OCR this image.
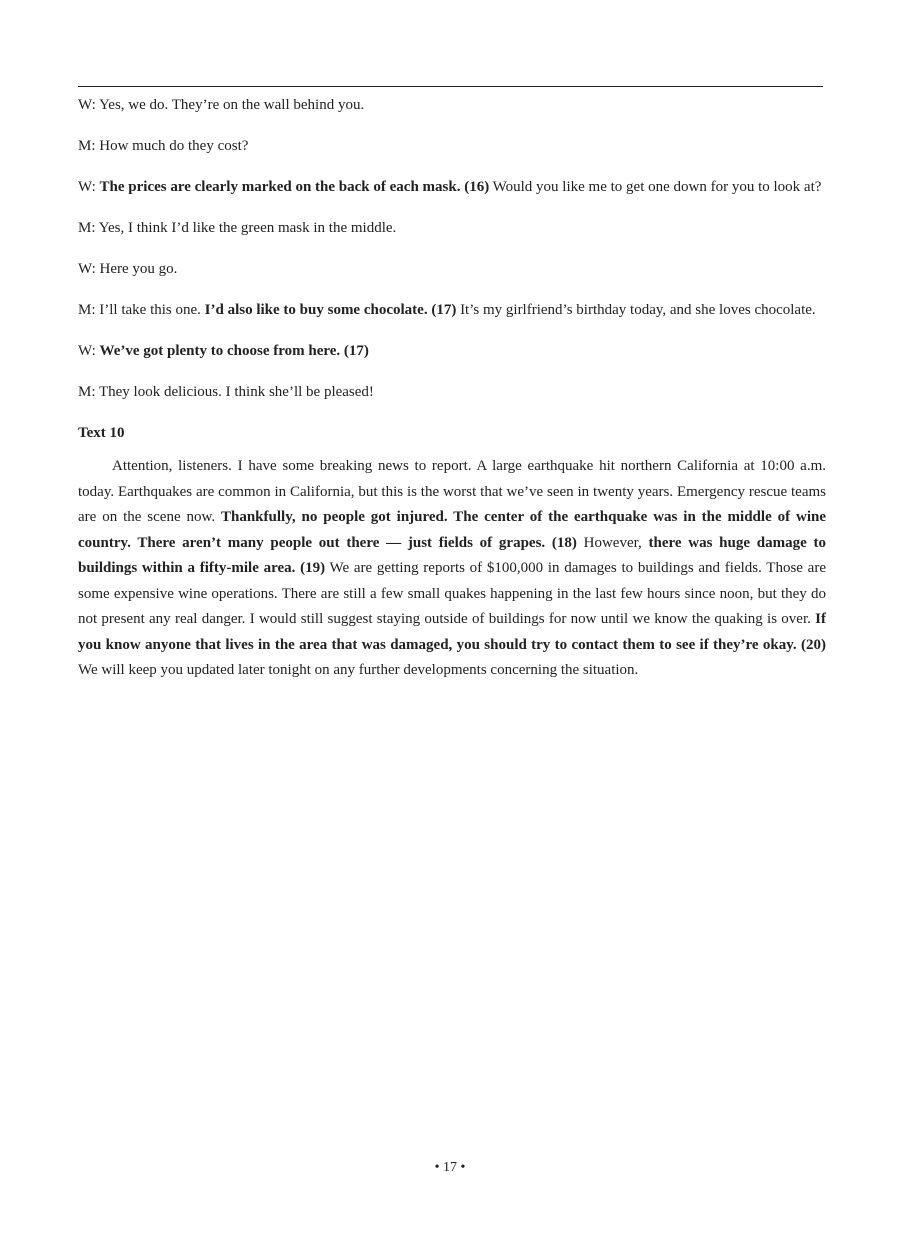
W: Yes, we do. They’re on the wall behind you.
M: How much do they cost?
W: The prices are clearly marked on the back of each mask. (16) Would you like me to get one down for you to look at?
M: Yes, I think I’d like the green mask in the middle.
W: Here you go.
M: I’ll take this one. I’d also like to buy some chocolate. (17) It’s my girlfriend’s birthday today, and she loves chocolate.
W: We’ve got plenty to choose from here. (17)
M: They look delicious. I think she’ll be pleased!
Text 10

Attention, listeners. I have some breaking news to report. A large earthquake hit northern California at 10:00 a.m. today. Earthquakes are common in California, but this is the worst that we’ve seen in twenty years. Emergency rescue teams are on the scene now. Thankfully, no people got injured. The center of the earthquake was in the middle of wine country. There aren’t many people out there — just fields of grapes. (18) However, there was huge damage to buildings within a fifty-mile area. (19) We are getting reports of $100,000 in damages to buildings and fields. Those are some expensive wine operations. There are still a few small quakes happening in the last few hours since noon, but they do not present any real danger. I would still suggest staying outside of buildings for now until we know the quaking is over. If you know anyone that lives in the area that was damaged, you should try to contact them to see if they’re okay. (20) We will keep you updated later tonight on any further developments concerning the situation.

• 17 •
